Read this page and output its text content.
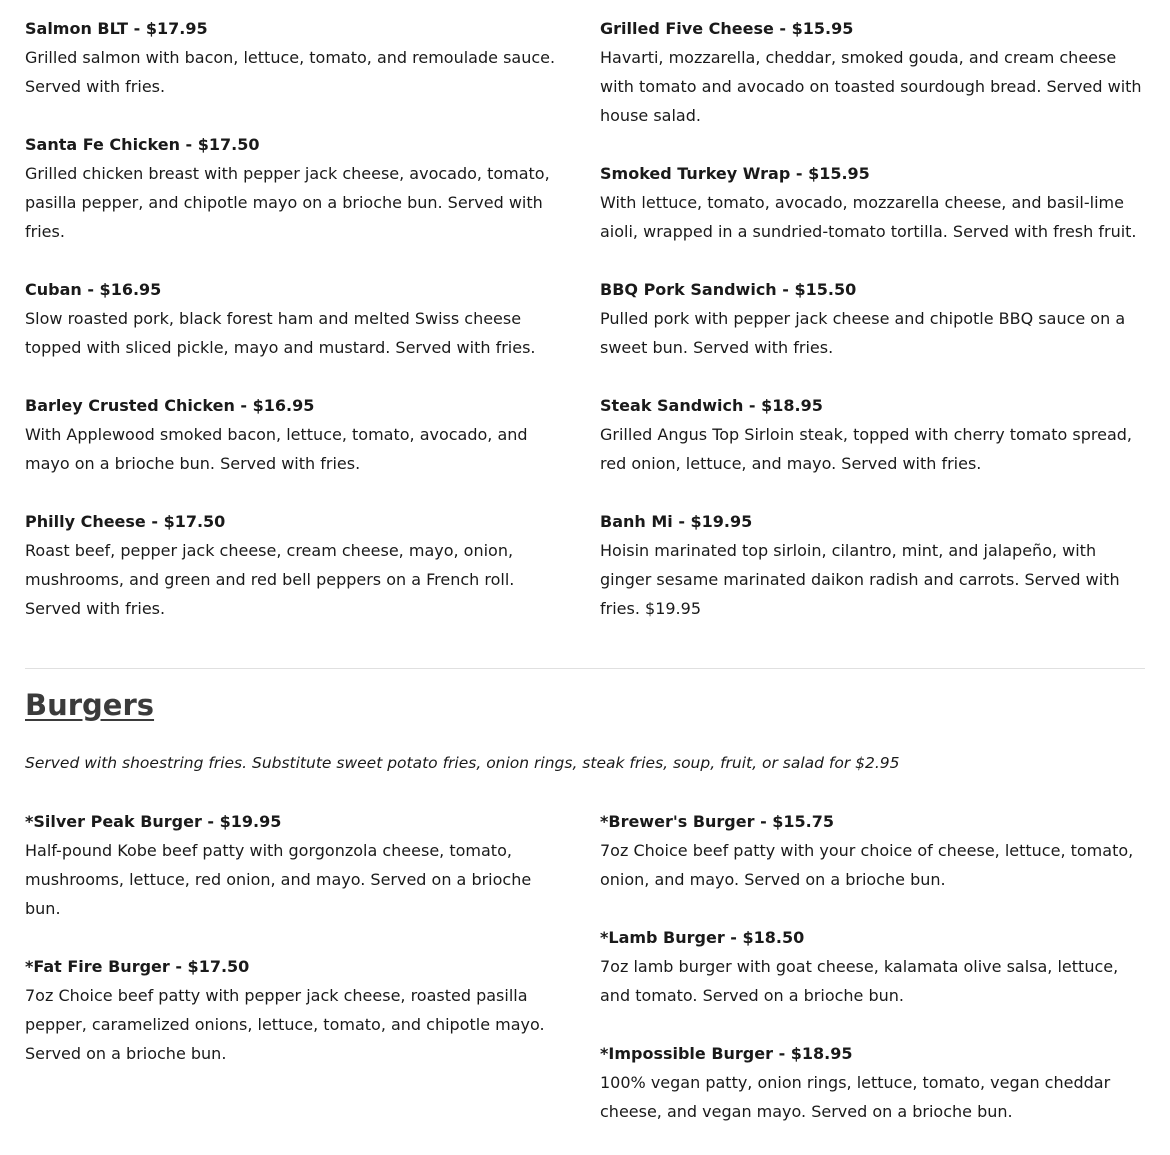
Salmon BLT - $17.95
Grilled salmon with bacon, lettuce, tomato, and remoulade sauce. Served with fries.
Santa Fe Chicken - $17.50
Grilled chicken breast with pepper jack cheese, avocado, tomato, pasilla pepper, and chipotle mayo on a brioche bun. Served with fries.
Cuban - $16.95
Slow roasted pork, black forest ham and melted Swiss cheese topped with sliced pickle, mayo and mustard. Served with fries.
Barley Crusted Chicken - $16.95
With Applewood smoked bacon, lettuce, tomato, avocado, and mayo on a brioche bun. Served with fries.
Philly Cheese - $17.50
Roast beef, pepper jack cheese, cream cheese, mayo, onion, mushrooms, and green and red bell peppers on a French roll. Served with fries.
Grilled Five Cheese - $15.95
Havarti, mozzarella, cheddar, smoked gouda, and cream cheese with tomato and avocado on toasted sourdough bread. Served with house salad.
Smoked Turkey Wrap - $15.95
With lettuce, tomato, avocado, mozzarella cheese, and basil-lime aioli, wrapped in a sundried-tomato tortilla. Served with fresh fruit.
BBQ Pork Sandwich - $15.50
Pulled pork with pepper jack cheese and chipotle BBQ sauce on a sweet bun. Served with fries.
Steak Sandwich - $18.95
Grilled Angus Top Sirloin steak, topped with cherry tomato spread, red onion, lettuce, and mayo. Served with fries.
Banh Mi - $19.95
Hoisin marinated top sirloin, cilantro, mint, and jalapeño, with ginger sesame marinated daikon radish and carrots. Served with fries. $19.95
Burgers
Served with shoestring fries. Substitute sweet potato fries, onion rings, steak fries, soup, fruit, or salad for $2.95
*Silver Peak Burger - $19.95
Half-pound Kobe beef patty with gorgonzola cheese, tomato, mushrooms, lettuce, red onion, and mayo. Served on a brioche bun.
*Fat Fire Burger - $17.50
7oz Choice beef patty with pepper jack cheese, roasted pasilla pepper, caramelized onions, lettuce, tomato, and chipotle mayo. Served on a brioche bun.
*Brewer's Burger - $15.75
7oz Choice beef patty with your choice of cheese, lettuce, tomato, onion, and mayo. Served on a brioche bun.
*Lamb Burger - $18.50
7oz lamb burger with goat cheese, kalamata olive salsa, lettuce, and tomato. Served on a brioche bun.
*Impossible Burger - $18.95
100% vegan patty, onion rings, lettuce, tomato, vegan cheddar cheese, and vegan mayo. Served on a brioche bun.
